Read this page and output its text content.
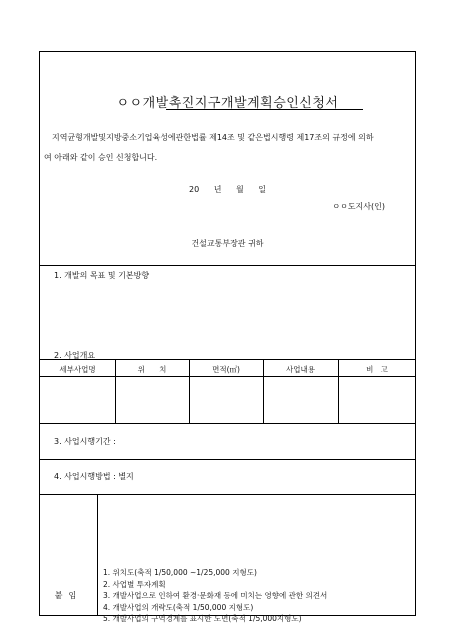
ㅇㅇ개발촉진지구개발계획승인신청서
지역균형개발및지방중소기업육성에관한법률 제14조 및 같은법시행령 제17조의 규정에 의하
여 아래와 같이 승인 신청합니다.
20 년 월 일
ㅇㅇ도지사(인)
건설교통부장관 귀하
1. 개발의 목표 및 기본방향
2. 사업개요
3. 사업시행기간 :
4. 사업시행방법 : 별지
세부사업명	위      치	면적(㎡)	사업내용	비   고
붙임
1. 위치도(축적 1/50,000 ~1/25,000 지형도)
2. 사업별 투자계획
3. 개발사업으로 인하여 환경·문화재 등에 미치는 영향에 관한 의견서
4. 개발사업의 개략도(축적 1/50,000 지형도)
5. 개발사업의 구역경계를 표시한 도면(축적 1/5,000지형도)
